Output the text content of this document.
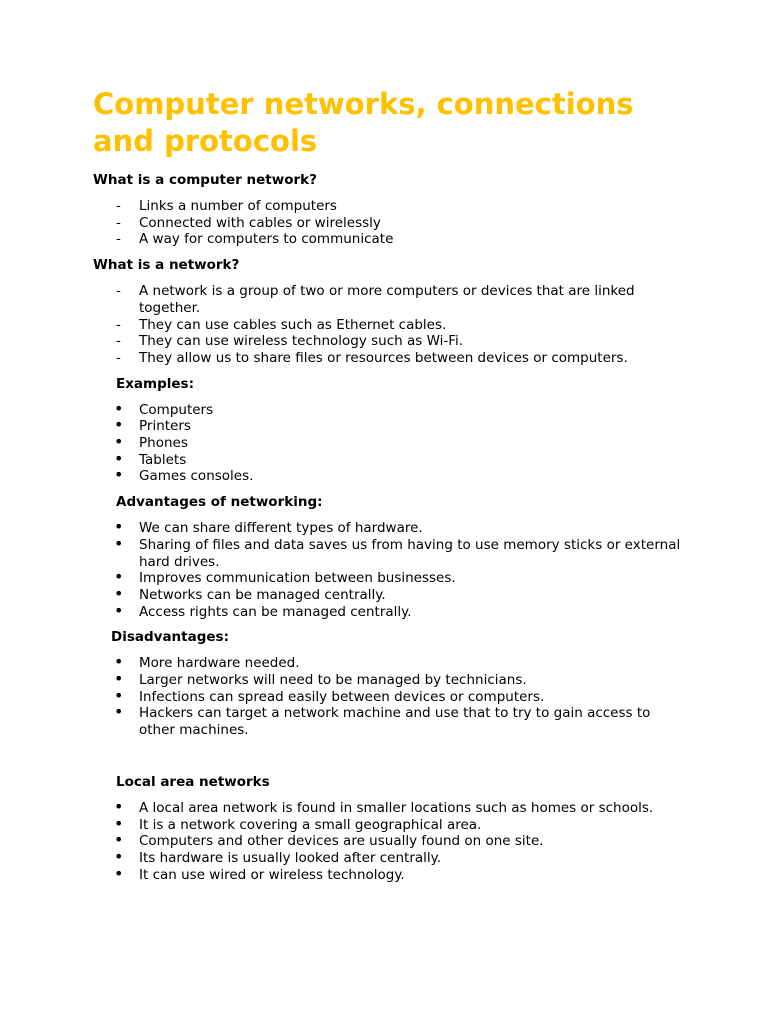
Computer networks, connections and protocols
What is a computer network?
-	Links a number of computers
-	Connected with cables or wirelessly
-	A way for computers to communicate
What is a network?
-	A network is a group of two or more computers or devices that are linked together.
-	They can use cables such as Ethernet cables.
-	They can use wireless technology such as Wi-Fi.
-	They allow us to share files or resources between devices or computers.
Examples:
•	Computers
•	Printers
•	Phones
•	Tablets
•	Games consoles.
Advantages of networking:
•	We can share different types of hardware.
•	Sharing of files and data saves us from having to use memory sticks or external hard drives.
•	Improves communication between businesses.
•	Networks can be managed centrally.
•	Access rights can be managed centrally.
Disadvantages:
•	More hardware needed.
•	Larger networks will need to be managed by technicians.
•	Infections can spread easily between devices or computers.
•	Hackers can target a network machine and use that to try to gain access to other machines.
Local area networks
•	A local area network is found in smaller locations such as homes or schools.
•	It is a network covering a small geographical area.
•	Computers and other devices are usually found on one site.
•	Its hardware is usually looked after centrally.
•	It can use wired or wireless technology.
